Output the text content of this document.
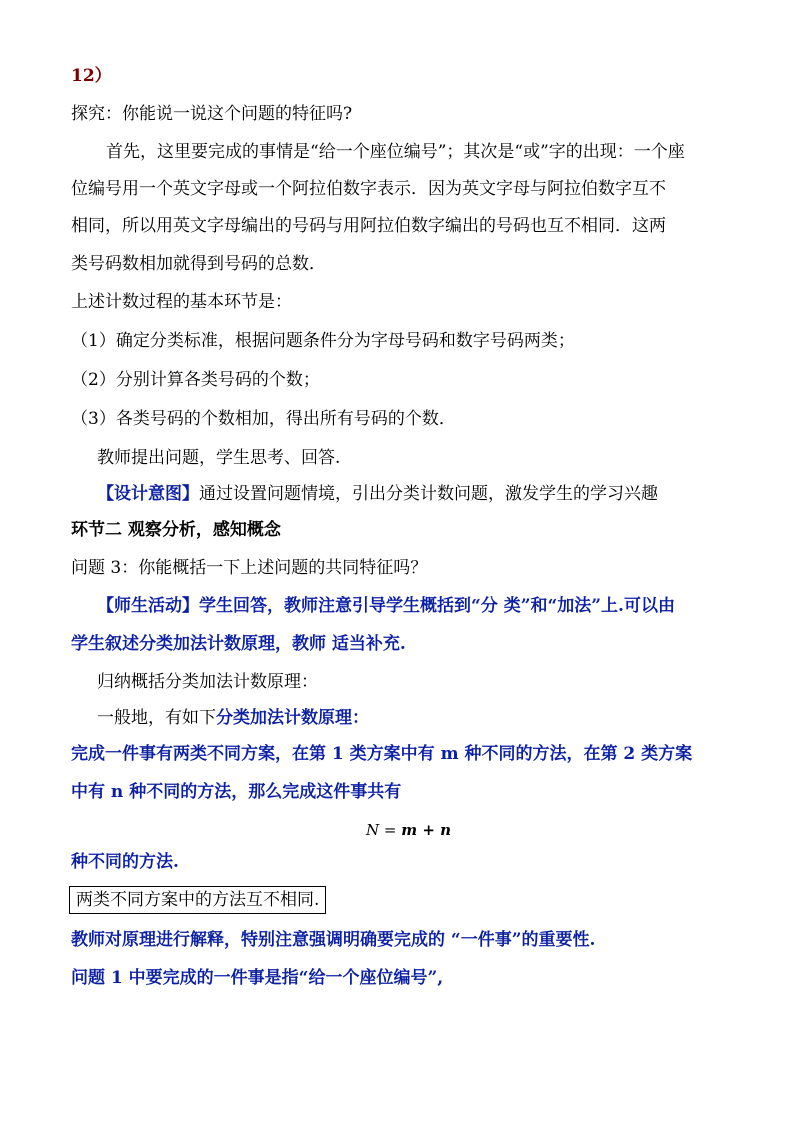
12）
探究：你能说一说这个问题的特征吗?
首先，这里要完成的事情是“给一个座位编号”；其次是“或”字的出现：一个座
位编号用一个英文字母或一个阿拉伯数字表示．因为英文字母与阿拉伯数字互不
相同，所以用英文字母编出的号码与用阿拉伯数字编出的号码也互不相同．这两
类号码数相加就得到号码的总数．
上述计数过程的基本环节是：
（1）确定分类标准，根据问题条件分为字母号码和数字号码两类；
（2）分别计算各类号码的个数；
（3）各类号码的个数相加，得出所有号码的个数．
教师提出问题，学生思考、回答.
【设计意图】通过设置问题情境，引出分类计数问题，激发学生的学习兴趣
环节二 观察分析，感知概念
问题 3：你能概括一下上述问题的共同特征吗？
【师生活动】学生回答，教师注意引导学生概括到“分 类”和“加法”上.可以由
学生叙述分类加法计数原理，教师 适当补充.
归纳概括分类加法计数原理：
一般地，有如下分类加法计数原理：
完成一件事有两类不同方案，在第 1 类方案中有 m 种不同的方法，在第 2 类方案
中有 n 种不同的方法，那么完成这件事共有
N = m + n
种不同的方法.
两类不同方案中的方法互不相同.
教师对原理进行解释，特别注意强调明确要完成的 “一件事”的重要性.
问题 1 中要完成的一件事是指“给一个座位编号”,
